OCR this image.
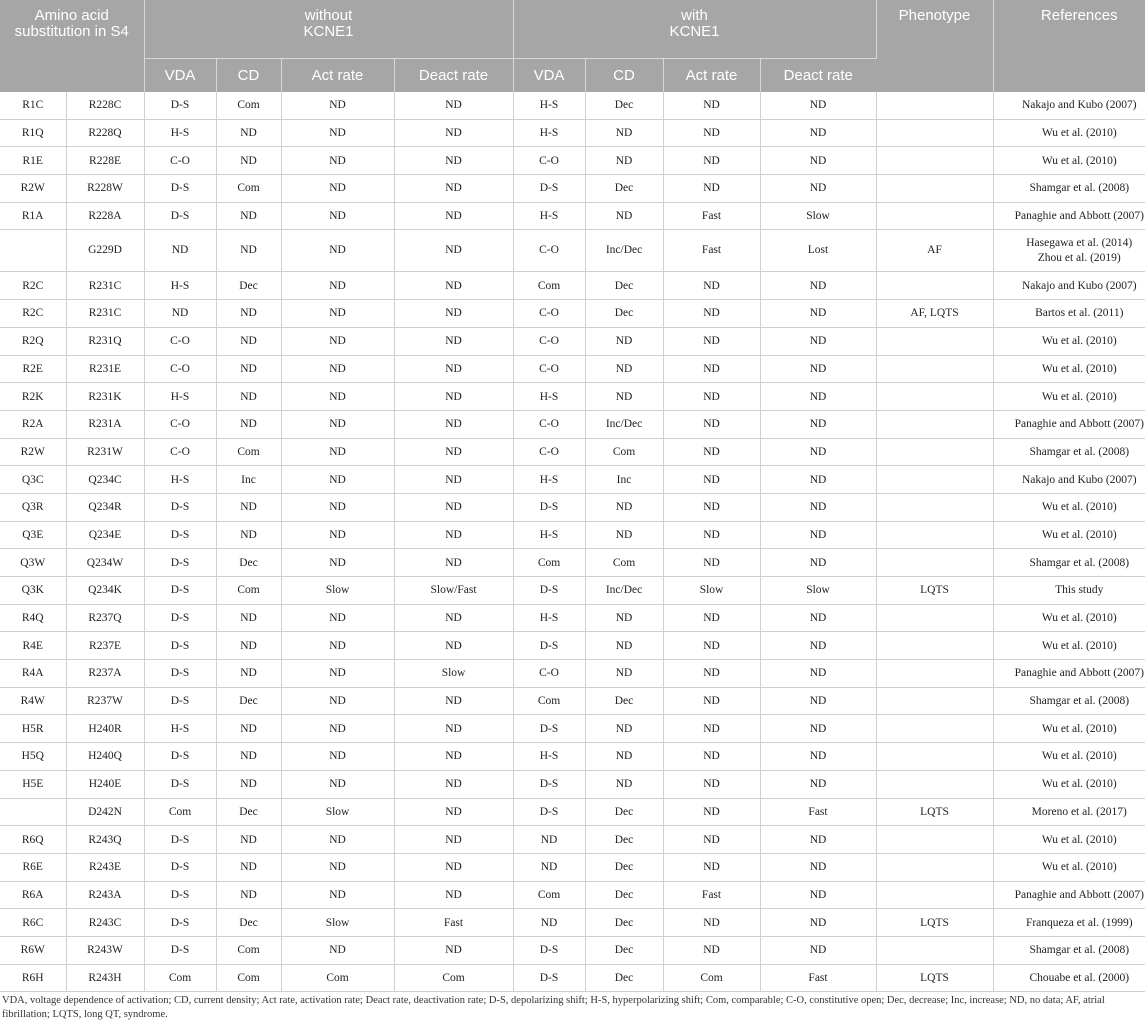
Amino acid substitution in S4		without KCNE1				with KCNE1				Phenotype	References
		VDA	CD	Act rate	Deact rate	VDA	CD	Act rate	Deact rate		
R1C	R228C	D-S	Com	ND	ND	H-S	Dec	ND	ND		Nakajo and Kubo (2007)

R1Q	R228Q	H-S	ND	ND	ND	H-S	ND	ND	ND		Wu et al. (2010)

R1E	R228E	C-O	ND	ND	ND	C-O	ND	ND	ND		Wu et al. (2010)

R2W	R228W	D-S	Com	ND	ND	D-S	Dec	ND	ND		Shamgar et al. (2008)

R1A	R228A	D-S	ND	ND	ND	H-S	ND	Fast	Slow		Panaghie and Abbott (2007)

	G229D	ND	ND	ND	ND	C-O	Inc/Dec	Fast	Lost	AF	Hasegawa et al. (2014)
Zhou et al. (2019)

R2C	R231C	H-S	Dec	ND	ND	Com	Dec	ND	ND		Nakajo and Kubo (2007)

R2C	R231C	ND	ND	ND	ND	C-O	Dec	ND	ND	AF, LQTS	Bartos et al. (2011)

R2Q	R231Q	C-O	ND	ND	ND	C-O	ND	ND	ND		Wu et al. (2010)

R2E	R231E	C-O	ND	ND	ND	C-O	ND	ND	ND		Wu et al. (2010)

R2K	R231K	H-S	ND	ND	ND	H-S	ND	ND	ND		Wu et al. (2010)

R2A	R231A	C-O	ND	ND	ND	C-O	Inc/Dec	ND	ND		Panaghie and Abbott (2007)

R2W	R231W	C-O	Com	ND	ND	C-O	Com	ND	ND		Shamgar et al. (2008)

Q3C	Q234C	H-S	Inc	ND	ND	H-S	Inc	ND	ND		Nakajo and Kubo (2007)

Q3R	Q234R	D-S	ND	ND	ND	D-S	ND	ND	ND		Wu et al. (2010)

Q3E	Q234E	D-S	ND	ND	ND	H-S	ND	ND	ND		Wu et al. (2010)

Q3W	Q234W	D-S	Dec	ND	ND	Com	Com	ND	ND		Shamgar et al. (2008)

Q3K	Q234K	D-S	Com	Slow	Slow/Fast	D-S	Inc/Dec	Slow	Slow	LQTS	This study

R4Q	R237Q	D-S	ND	ND	ND	H-S	ND	ND	ND		Wu et al. (2010)

R4E	R237E	D-S	ND	ND	ND	D-S	ND	ND	ND		Wu et al. (2010)

R4A	R237A	D-S	ND	ND	Slow	C-O	ND	ND	ND		Panaghie and Abbott (2007)

R4W	R237W	D-S	Dec	ND	ND	Com	Dec	ND	ND		Shamgar et al. (2008)

H5R	H240R	H-S	ND	ND	ND	D-S	ND	ND	ND		Wu et al. (2010)

H5Q	H240Q	D-S	ND	ND	ND	H-S	ND	ND	ND		Wu et al. (2010)

H5E	H240E	D-S	ND	ND	ND	D-S	ND	ND	ND		Wu et al. (2010)

	D242N	Com	Dec	Slow	ND	D-S	Dec	ND	Fast	LQTS	Moreno et al. (2017)

R6Q	R243Q	D-S	ND	ND	ND	ND	Dec	ND	ND		Wu et al. (2010)

R6E	R243E	D-S	ND	ND	ND	ND	Dec	ND	ND		Wu et al. (2010)

R6A	R243A	D-S	ND	ND	ND	Com	Dec	Fast	ND		Panaghie and Abbott (2007)

R6C	R243C	D-S	Dec	Slow	Fast	ND	Dec	ND	ND	LQTS	Franqueza et al. (1999)

R6W	R243W	D-S	Com	ND	ND	D-S	Dec	ND	ND		Shamgar et al. (2008)

R6H	R243H	Com	Com	Com	Com	D-S	Dec	Com	Fast	LQTS	Chouabe et al. (2000)
VDA, voltage dependence of activation; CD, current density; Act rate, activation rate; Deact rate, deactivation rate; D-S, depolarizing shift; H-S, hyperpolarizing shift; Com, comparable; C-O, constitutive open; Dec, decrease; Inc, increase; ND, no data; AF, atrial fibrillation; LQTS, long QT, syndrome.
